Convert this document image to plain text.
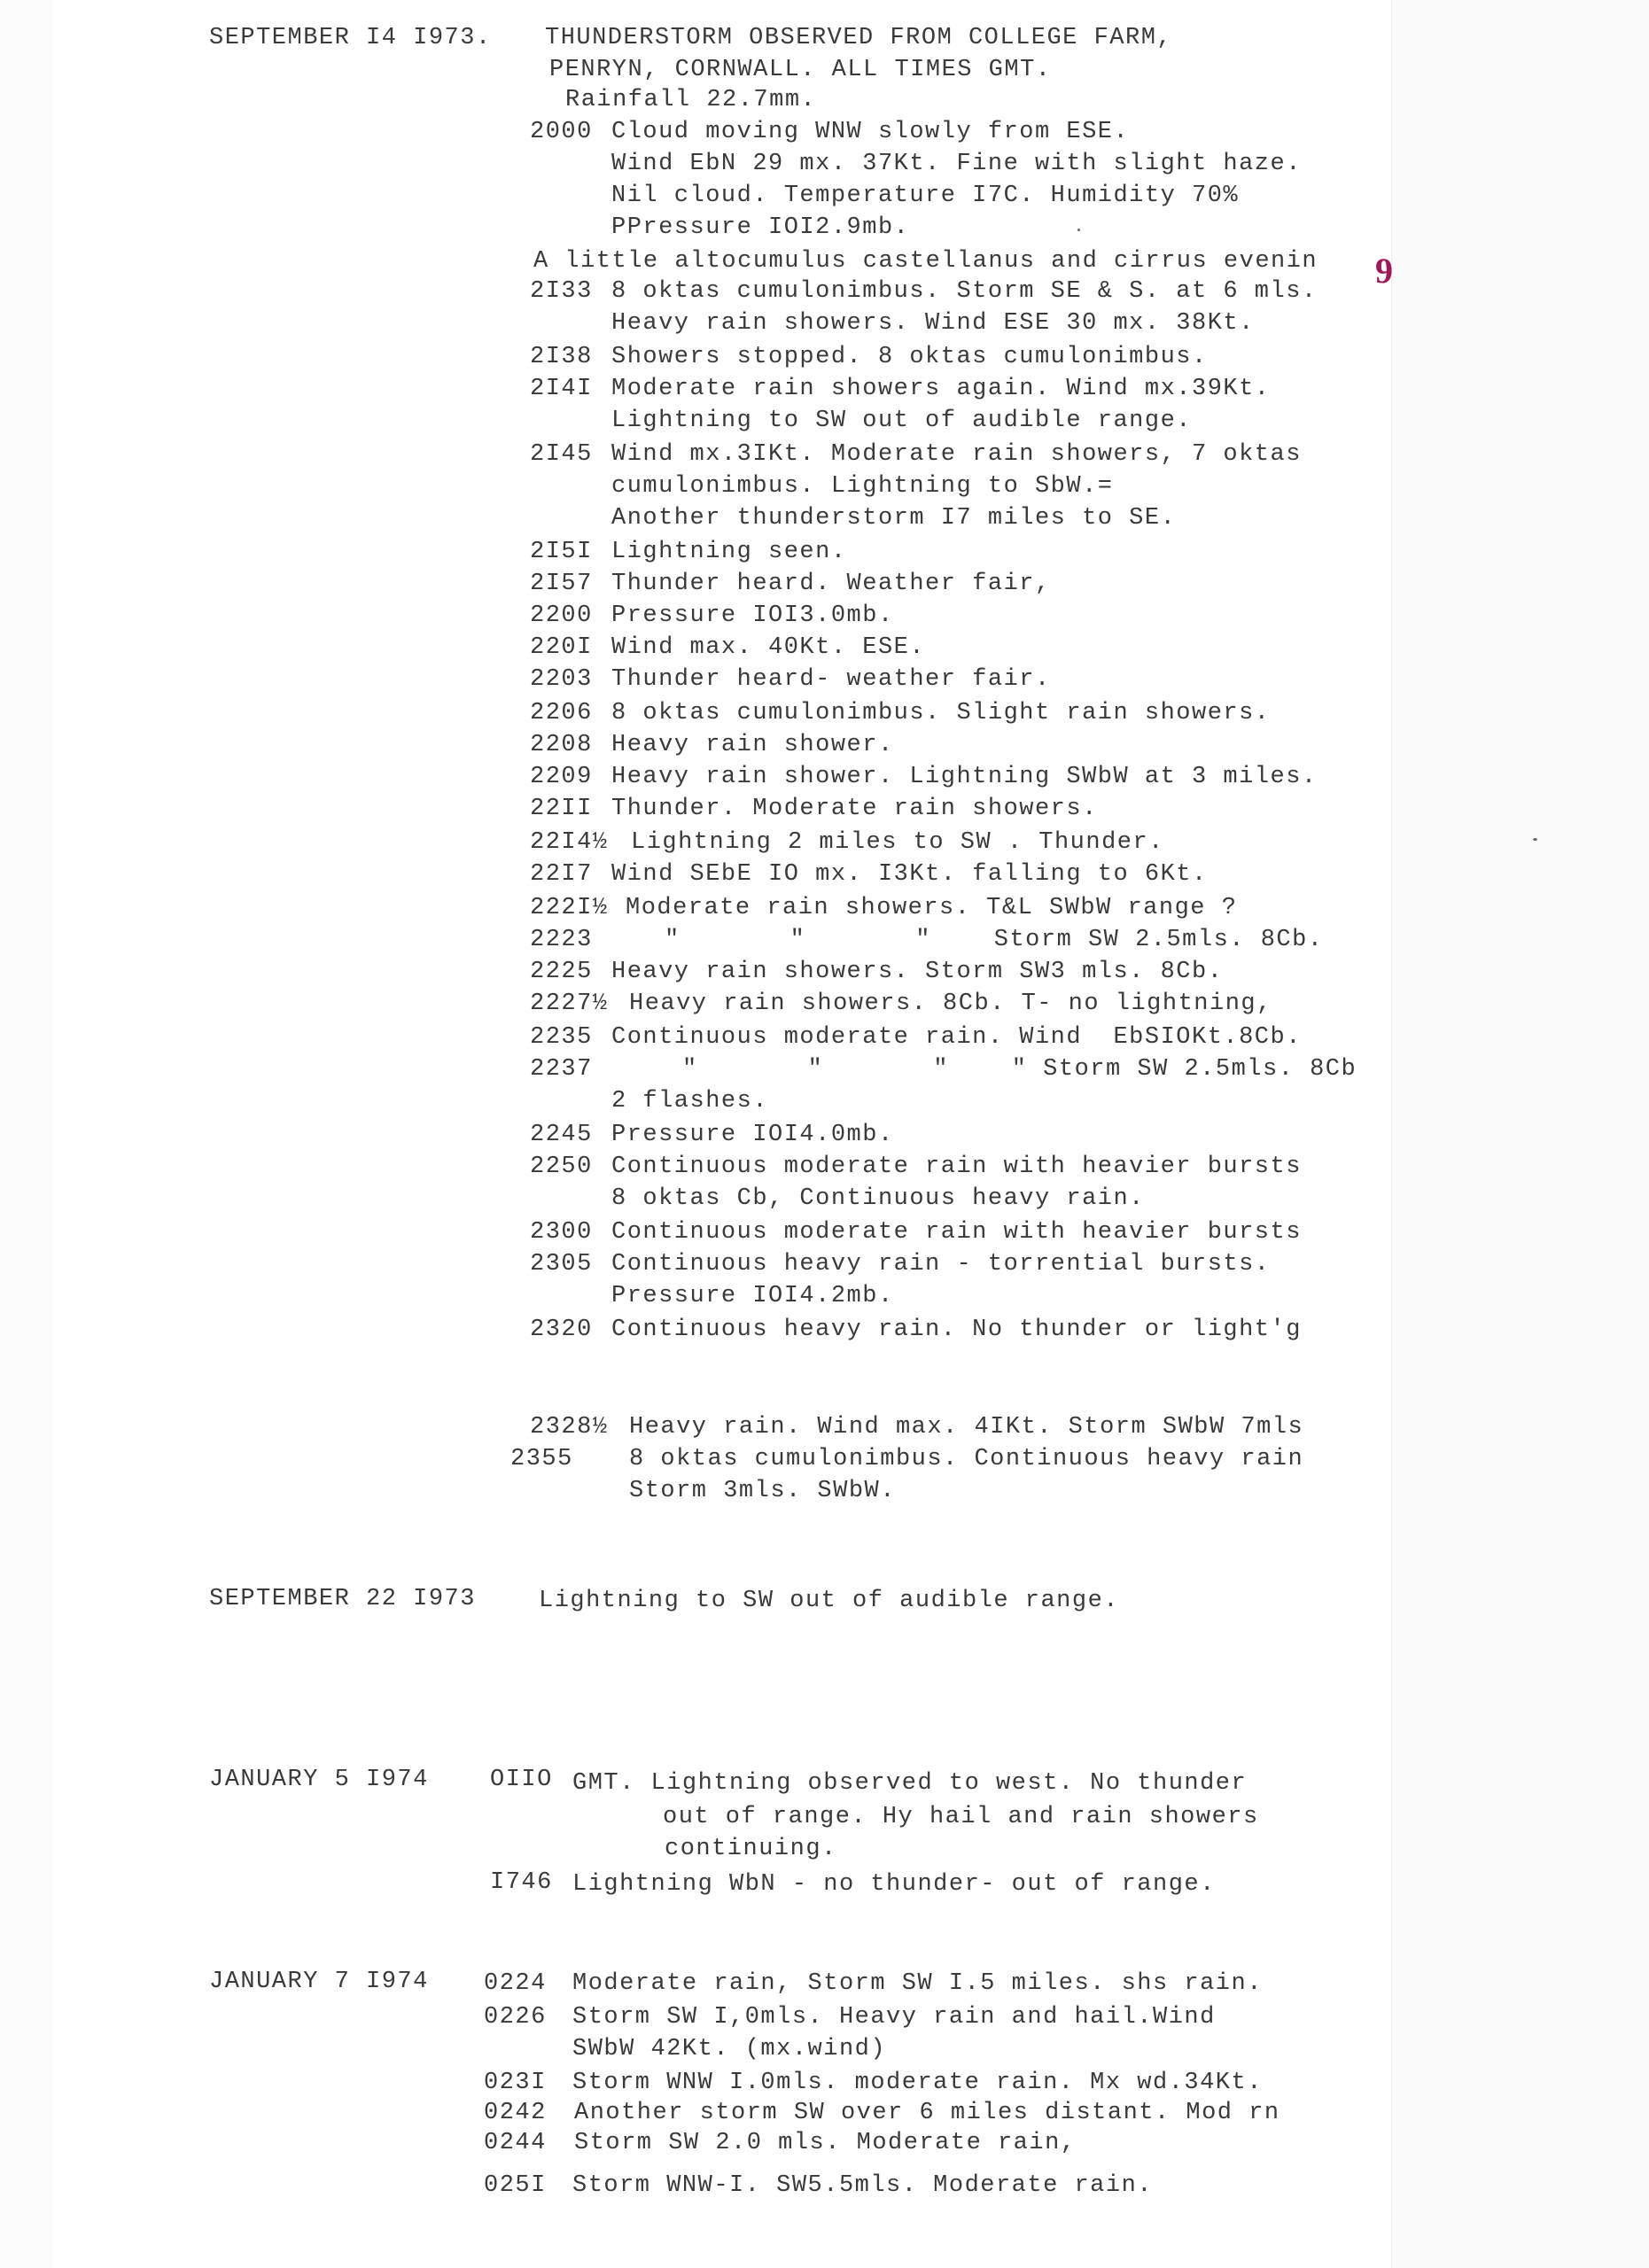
SEPTEMBER I4 I973. THUNDERSTORM OBSERVED FROM COLLEGE FARM,
PENRYN, CORNWALL. ALL TIMES GMT.
Rainfall 22.7mm.
2000 Cloud moving WNW slowly from ESE.
Wind EbN 29 mx. 37Kt. Fine with slight haze.
Nil cloud. Temperature I7C. Humidity 70%
PPressure IOI2.9mb.
A little altocumulus castellanus and cirrus evenin
2I33 8 oktas cumulonimbus. Storm SE & S. at 6 mls.
Heavy rain showers. Wind ESE 30 mx. 38Kt.
2I38 Showers stopped. 8 oktas cumulonimbus.
2I4I Moderate rain showers again. Wind mx.39Kt.
Lightning to SW out of audible range.
2I45 Wind mx.3IKt. Moderate rain showers, 7 oktas
cumulonimbus. Lightning to SbW.=
Another thunderstorm I7 miles to SE.
2I5I Lightning seen.
2I57 Thunder heard. Weather fair,
2200 Pressure IOI3.0mb.
220I Wind max. 40Kt. ESE.
2203 Thunder heard- weather fair.
2206 8 oktas cumulonimbus. Slight rain showers.
2208 Heavy rain shower.
2209 Heavy rain shower. Lightning SWbW at 3 miles.
22II Thunder. Moderate rain showers.
22I4½ Lightning 2 miles to SW . Thunder.
22I7 Wind SEbE IO mx. I3Kt. falling to 6Kt.
222I½ Moderate rain showers. T&L SWbW range ?
2223	"       "       "    Storm SW 2.5mls. 8Cb.
2225 Heavy rain showers. Storm SW3 mls. 8Cb.
2227½ Heavy rain showers. 8Cb. T- no lightning,
2235 Continuous moderate rain. Wind  EbSIOKt.8Cb.
2237	"       "       "    " Storm SW 2.5mls. 8Cb
2 flashes.
2245 Pressure IOI4.0mb.
2250 Continuous moderate rain with heavier bursts
8 oktas Cb, Continuous heavy rain.
2300 Continuous moderate rain with heavier bursts
2305 Continuous heavy rain - torrential bursts.
Pressure IOI4.2mb.
2320 Continuous heavy rain. No thunder or light'g
2328½ Heavy rain. Wind max. 4IKt. Storm SWbW 7mls
2355 8 oktas cumulonimbus. Continuous heavy rain
Storm 3mls. SWbW.
SEPTEMBER 22 I973	Lightning to SW out of audible range.
JANUARY 5 I974	OIIO GMT. Lightning observed to west. No thunder
out of range. Hy hail and rain showers
continuing.
I746 Lightning WbN - no thunder- out of range.
JANUARY 7 I974 0224 Moderate rain, Storm SW I.5 miles. shs rain.
0226 Storm SW I,0mls. Heavy rain and hail.Wind
SWbW 42Kt. (mx.wind)
023I Storm WNW I.0mls. moderate rain. Mx wd.34Kt.
0242 Another storm SW over 6 miles distant. Mod rn
0244 Storm SW 2.0 mls. Moderate rain,
025I Storm WNW-I. SW5.5mls. Moderate rain.
9
